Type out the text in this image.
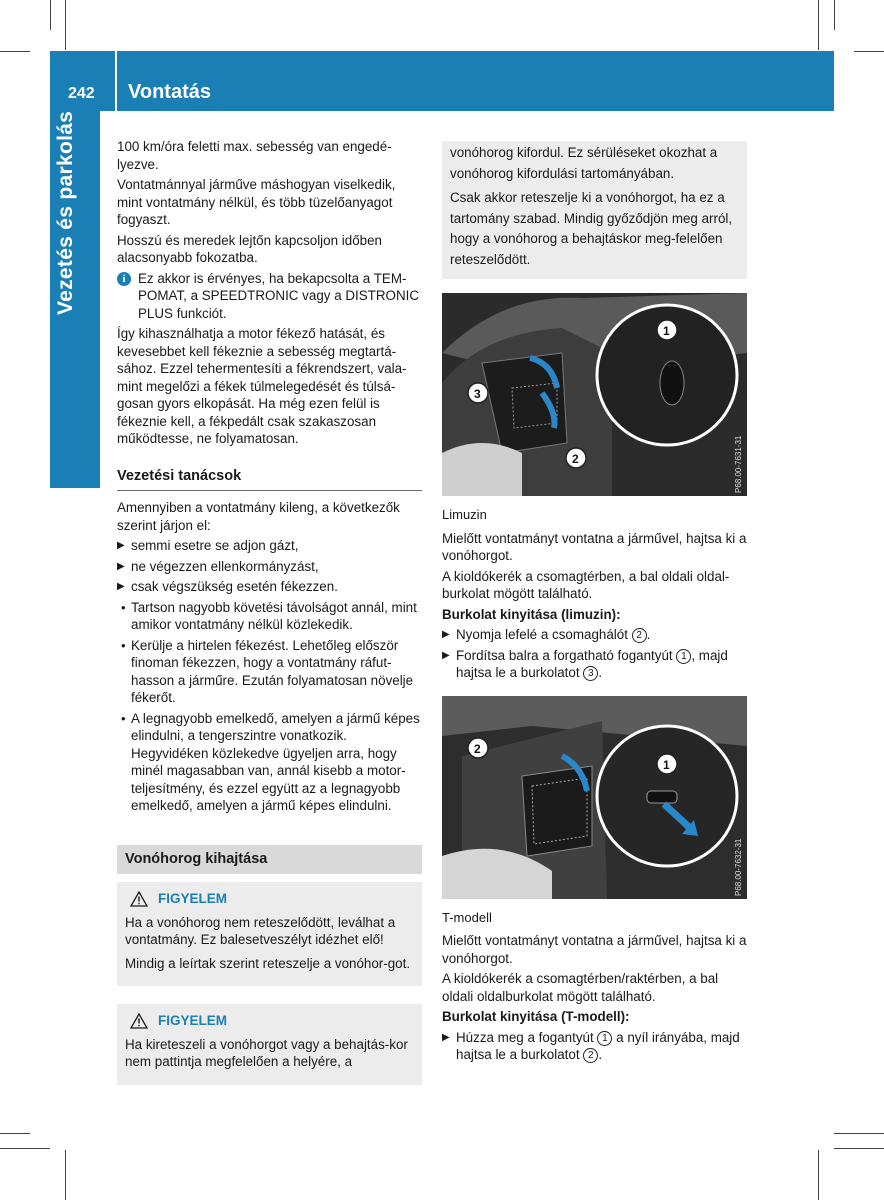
242 Vontatás
Vezetés és parkolás	100 km/óra feletti max. sebesség van engedé-lyezve.

Vontatmánnyal járműve máshogyan viselkedik, mint vontatmány nélkül, és több tüzelőanyagot fogyaszt.

Hosszú és meredek lejtőn kapcsoljon időben alacsonyabb fokozatba.

i Ez akkor is érvényes, ha bekapcsolta a TEM-POMAT, a SPEEDTRONIC vagy a DISTRONIC PLUS funkciót.

Így kihasználhatja a motor fékező hatását, és kevesebbet kell fékeznie a sebesség megtartá-sához. Ezzel tehermentesíti a fékrendszert, vala-mint megelőzi a fékek túlmelegedését és túlsá-gosan gyors elkopását. Ha még ezen felül is fékeznie kell, a fékpedált csak szakaszosan működtesse, ne folyamatosan.

Vezetési tanácsok

Amennyiben a vontatmány kileng, a következők szerint járjon el:

▶ semmi esetre se adjon gázt,
▶ ne végezzen ellenkormányzást,
▶ csak végszükség esetén fékezzen.
• Tartson nagyobb követési távolságot annál, mint amikor vontatmány nélkül közlekedik.
• Kerülje a hirtelen fékezést. Lehetőleg először finoman fékezzen, hogy a vontatmány ráfut-hasson a járműre. Ezután folyamatosan növelje fékerőt.
• A legnagyobb emelkedő, amelyen a jármű képes elindulni, a tengerszintre vonatkozik. Hegyvidéken közlekedve ügyeljen arra, hogy minél magasabban van, annál kisebb a motor-teljesítmény, és ezzel együtt az a legnagyobb emelkedő, amelyen a jármű képes elindulni.
Vonóhorog kihajtása
FIGYELEM

Ha a vonóhorog nem reteszelődött, leválhat a vontatmány. Ez balesetveszélyt idézhet elő!

Mindig a leírtak szerint reteszelje a vonóhor-got.

FIGYELEM

Ha kireteszeli a vonóhorgot vagy a behajtás-kor nem pattintja megfelelően a helyére, a

vonóhorog kifordul. Ez sérüléseket okozhat a vonóhorog kifordulási tartományában.

Csak akkor reteszelje ki a vonóhorgot, ha ez a tartomány szabad. Mindig győződjön meg arról, hogy a vonóhorog a behajtáskor meg-felelően reteszelődött.

1
3
2	P68.00-7631-31
Limuzin

Mielőtt vontatmányt vontatna a járművel, hajtsa ki a vonóhorgot.

A kioldókerék a csomagtérben, a bal oldali oldal-burkolat mögött található.

Burkolat kinyitása (limuzin):

▶ Nyomja lefelé a csomaghálót 2 .
▶ Fordítsa balra a forgatható fogantyút 1 , majd hajtsa le a burkolatot 3 .
1
2
P68.00-7632-31
T-modell

Mielőtt vontatmányt vontatna a járművel, hajtsa ki a vonóhorgot.

A kioldókerék a csomagtérben/raktérben, a bal oldali oldalburkolat mögött található.

Burkolat kinyitása (T-modell):

▶ Húzza meg a fogantyút 1 a nyíl irányába, majd hajtsa le a burkolatot 2 .
